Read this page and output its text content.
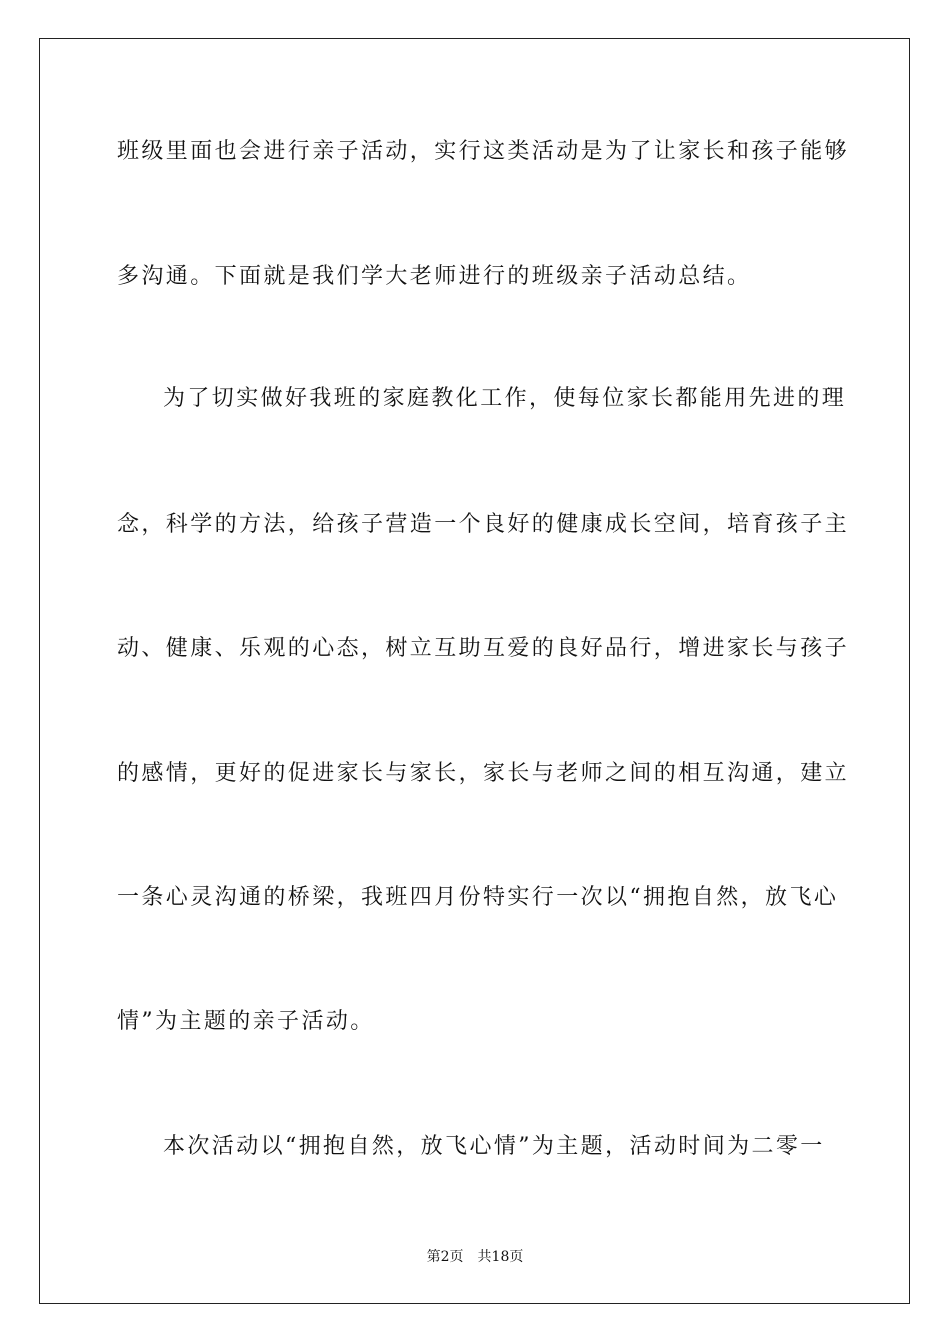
班级里面也会进行亲子活动，实行这类活动是为了让家长和孩子能够
多沟通。下面就是我们学大老师进行的班级亲子活动总结。
为了切实做好我班的家庭教化工作，使每位家长都能用先进的理
念，科学的方法，给孩子营造一个良好的健康成长空间，培育孩子主
动、健康、乐观的心态，树立互助互爱的良好品行，增进家长与孩子
的感情，更好的促进家长与家长，家长与老师之间的相互沟通，建立
一条心灵沟通的桥梁，我班四月份特实行一次以“拥抱自然，放飞心
情”为主题的亲子活动。
本次活动以“拥抱自然，放飞心情”为主题，活动时间为二零一
第2页 共18页
